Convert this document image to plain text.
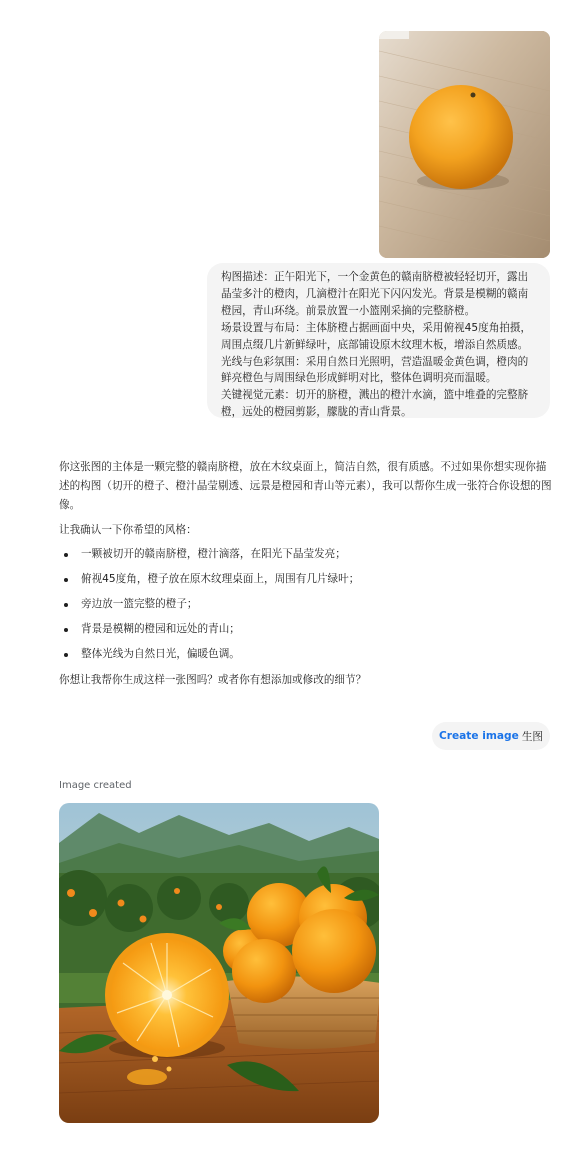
构图描述：正午阳光下，一个金黄色的赣南脐橙被轻轻切开，露出晶莹多汁的橙肉，几滴橙汁在阳光下闪闪发光。背景是模糊的赣南橙园，青山环绕。前景放置一小篮刚采摘的完整脐橙。

场景设置与布局：主体脐橙占据画面中央，采用俯视45度角拍摄，周围点缀几片新鲜绿叶，底部铺设原木纹理木板，增添自然质感。

光线与色彩氛围：采用自然日光照明，营造温暖金黄色调，橙肉的鲜亮橙色与周围绿色形成鲜明对比，整体色调明亮而温暖。

关键视觉元素：切开的脐橙，溅出的橙汁水滴，篮中堆叠的完整脐橙，远处的橙园剪影，朦胧的青山背景。

你这张图的主体是一颗完整的赣南脐橙，放在木纹桌面上，简洁自然，很有质感。不过如果你想实现你描述的构图（切开的橙子、橙汁晶莹剔透、远景是橙园和青山等元素），我可以帮你生成一张符合你设想的图像。

让我确认一下你希望的风格：

一颗被切开的赣南脐橙，橙汁滴落，在阳光下晶莹发亮；
俯视45度角，橙子放在原木纹理桌面上，周围有几片绿叶；
旁边放一篮完整的橙子；
背景是模糊的橙园和远处的青山；
整体光线为自然日光，偏暖色调。

你想让我帮你生成这样一张图吗？或者你有想添加或修改的细节？

Create image 生图
Image created
